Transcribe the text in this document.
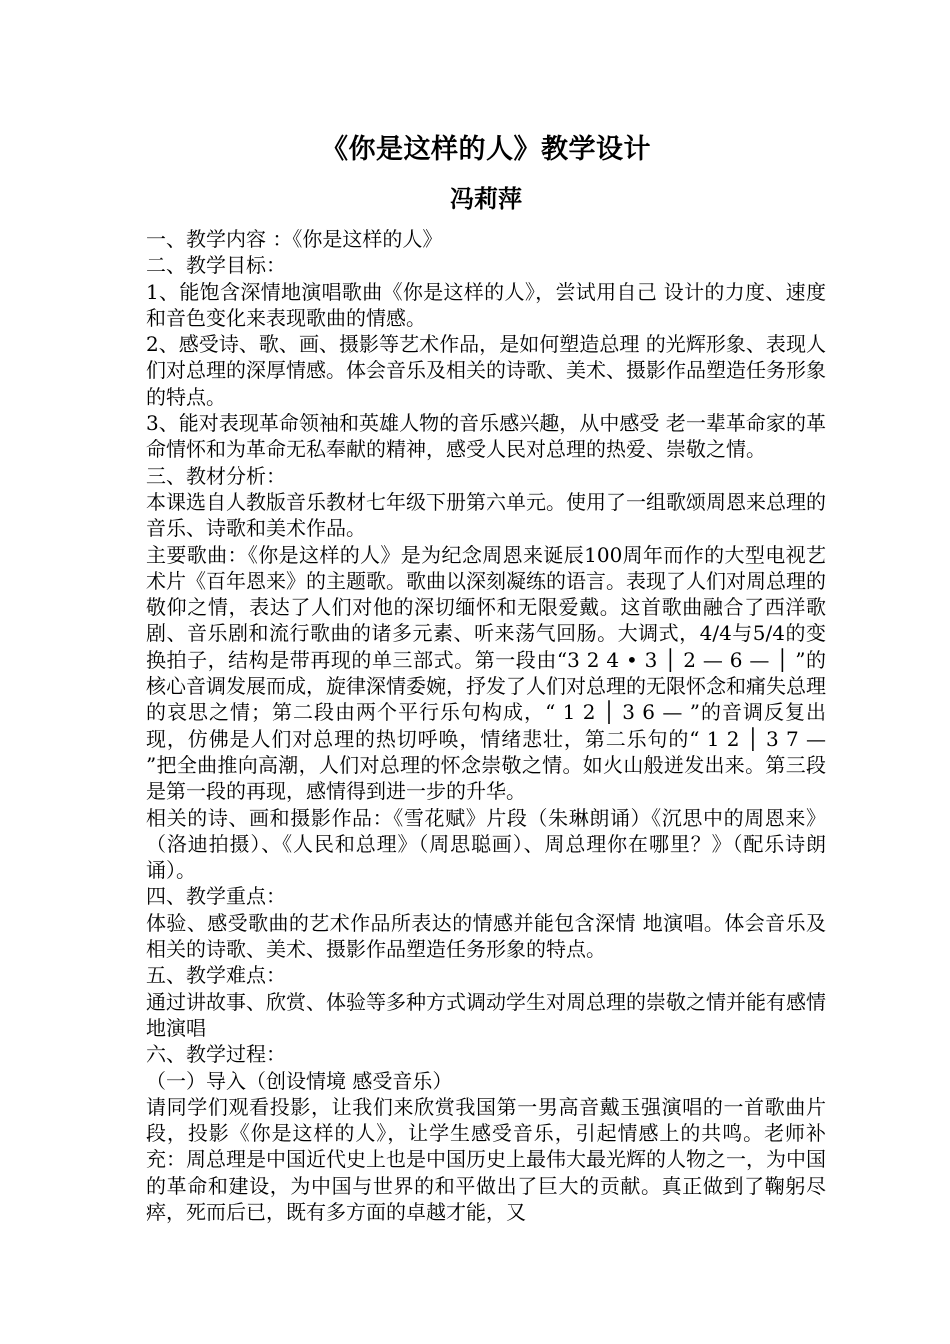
《你是这样的人》教学设计
冯莉萍

一、教学内容 ：《你是这样的人》

二、教学目标：

1、能饱含深情地演唱歌曲《你是这样的人》，尝试用自己 设计的力度、速度和音色变化来表现歌曲的情感。

2、感受诗、歌、画、摄影等艺术作品，是如何塑造总理 的光辉形象、表现人们对总理的深厚情感。体会音乐及相关的诗歌、美术、摄影作品塑造任务形象的特点。

3、能对表现革命领袖和英雄人物的音乐感兴趣，从中感受 老一辈革命家的革命情怀和为革命无私奉献的精神，感受人民对总理的热爱、崇敬之情。

三、教材分析：

本课选自人教版音乐教材七年级下册第六单元。使用了一组歌颂周恩来总理的音乐、诗歌和美术作品。

主要歌曲：《你是这样的人》是为纪念周恩来诞辰100周年而作的大型电视艺术片《百年恩来》的主题歌。歌曲以深刻凝练的语言。表现了人们对周总理的敬仰之情，表达了人们对他的深切缅怀和无限爱戴。这首歌曲融合了西洋歌剧、音乐剧和流行歌曲的诸多元素、听来荡气回肠。大调式，4/4与5/4的变换拍子，结构是带再现的单三部式。第一段由“3 2 4 • 3 │ 2 — 6 — │ ”的核心音调发展而成，旋律深情委婉，抒发了人们对总理的无限怀念和痛失总理的哀思之情；第二段由两个平行乐句构成，“ 1 2 │ 3 6 — ”的音调反复出现，仿佛是人们对总理的热切呼唤，情绪悲壮，第二乐句的“ 1 2 │ 3 7 — ”把全曲推向高潮，人们对总理的怀念崇敬之情。如火山般迸发出来。第三段是第一段的再现，感情得到进一步的升华。

相关的诗、画和摄影作品：《雪花赋》片段（朱琳朗诵）《沉思中的周恩来》（洛迪拍摄）、《人民和总理》（周思聪画）、周总理你在哪里？》（配乐诗朗诵）。

四、教学重点：

体验、感受歌曲的艺术作品所表达的情感并能包含深情 地演唱。体会音乐及相关的诗歌、美术、摄影作品塑造任务形象的特点。

五、教学难点：

通过讲故事、欣赏、体验等多种方式调动学生对周总理的崇敬之情并能有感情地演唱

六、教学过程：

（一）导入（创设情境 感受音乐）

请同学们观看投影，让我们来欣赏我国第一男高音戴玉强演唱的一首歌曲片段，投影《你是这样的人》，让学生感受音乐，引起情感上的共鸣。老师补充：周总理是中国近代史上也是中国历史上最伟大最光辉的人物之一，为中国的革命和建设，为中国与世界的和平做出了巨大的贡献。真正做到了鞠躬尽瘁，死而后已，既有多方面的卓越才能，又
